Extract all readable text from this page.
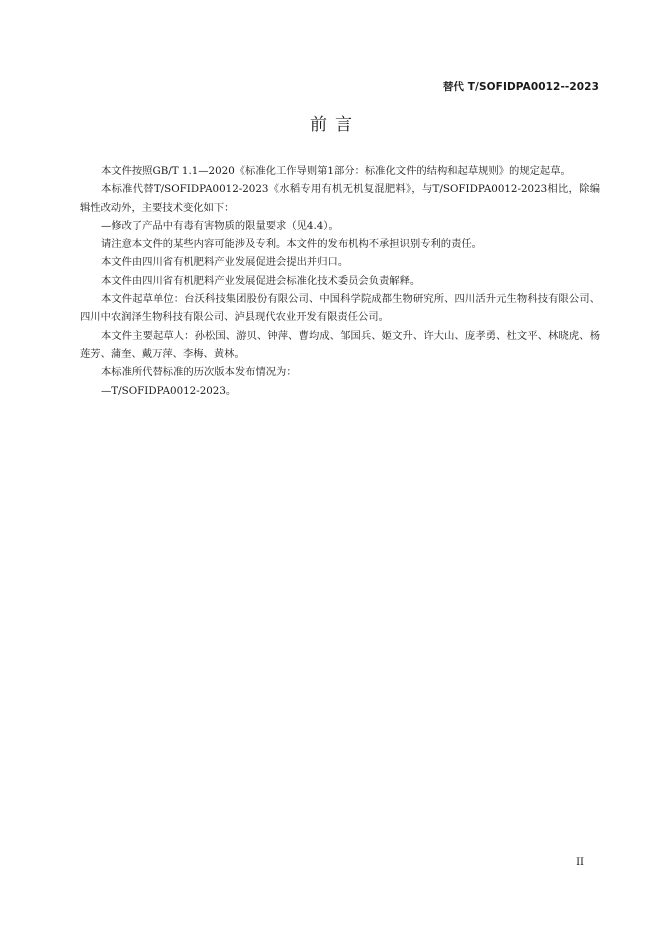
替代 T/SOFIDPA0012--2023
前言

本文件按照GB/T 1.1—2020《标准化工作导则第1部分：标准化文件的结构和起草规则》的规定起草。

本标准代替T/SOFIDPA0012-2023《水稻专用有机无机复混肥料》，与T/SOFIDPA0012-2023相比，除编辑性改动外，主要技术变化如下：

—修改了产品中有毒有害物质的限量要求（见4.4）。

请注意本文件的某些内容可能涉及专利。本文件的发布机构不承担识别专利的责任。

本文件由四川省有机肥料产业发展促进会提出并归口。

本文件由四川省有机肥料产业发展促进会标准化技术委员会负责解释。

本文件起草单位：台沃科技集团股份有限公司、中国科学院成都生物研究所、四川活升元生物科技有限公司、四川中农润泽生物科技有限公司、泸县现代农业开发有限责任公司。

本文件主要起草人：孙松国、游贝、钟萍、曹均成、邹国兵、姬文升、许大山、庞孝勇、杜文平、林晓虎、杨莲芳、蒲奎、戴万萍、李梅、黄林。

本标准所代替标准的历次版本发布情况为：

—T/SOFIDPA0012-2023。

II
